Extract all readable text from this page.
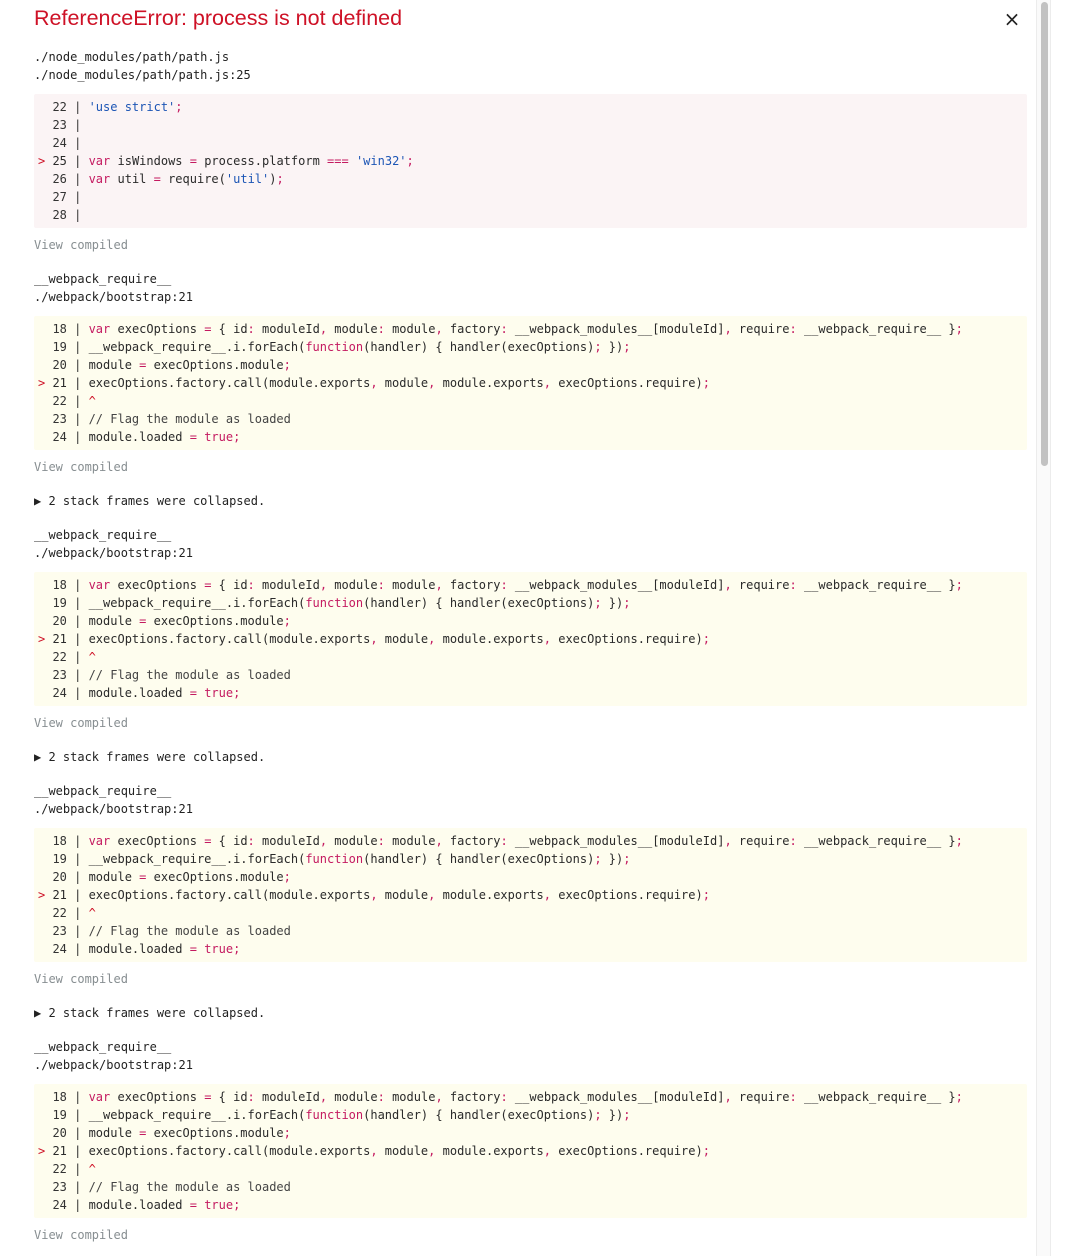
ReferenceError: process is not defined	×
./node_modules/path/path.js
./node_modules/path/path.js:25
22 | 'use strict';
23 |
24 |
> 25 | var isWindows = process.platform === 'win32';
26 | var util = require('util');
27 |
28 |
View compiled
__webpack_require__
./webpack/bootstrap:21
18 | var execOptions = { id: moduleId, module: module, factory: __webpack_modules__[moduleId], require: __webpack_require__ };
19 | __webpack_require__.i.forEach(function(handler) { handler(execOptions); });
20 | module = execOptions.module;
> 21 | execOptions.factory.call(module.exports, module, module.exports, execOptions.require);
22 | ^
23 | // Flag the module as loaded
24 | module.loaded = true;
View compiled
▶ 2 stack frames were collapsed.
__webpack_require__
./webpack/bootstrap:21
18 | var execOptions = { id: moduleId, module: module, factory: __webpack_modules__[moduleId], require: __webpack_require__ };
19 | __webpack_require__.i.forEach(function(handler) { handler(execOptions); });
20 | module = execOptions.module;
> 21 | execOptions.factory.call(module.exports, module, module.exports, execOptions.require);
22 | ^
23 | // Flag the module as loaded
24 | module.loaded = true;
View compiled
▶ 2 stack frames were collapsed.
__webpack_require__
./webpack/bootstrap:21
18 | var execOptions = { id: moduleId, module: module, factory: __webpack_modules__[moduleId], require: __webpack_require__ };
19 | __webpack_require__.i.forEach(function(handler) { handler(execOptions); });
20 | module = execOptions.module;
> 21 | execOptions.factory.call(module.exports, module, module.exports, execOptions.require);
22 | ^
23 | // Flag the module as loaded
24 | module.loaded = true;
View compiled
▶ 2 stack frames were collapsed.
__webpack_require__
./webpack/bootstrap:21
18 | var execOptions = { id: moduleId, module: module, factory: __webpack_modules__[moduleId], require: __webpack_require__ };
19 | __webpack_require__.i.forEach(function(handler) { handler(execOptions); });
20 | module = execOptions.module;
> 21 | execOptions.factory.call(module.exports, module, module.exports, execOptions.require);
22 | ^
23 | // Flag the module as loaded
24 | module.loaded = true;
View compiled
